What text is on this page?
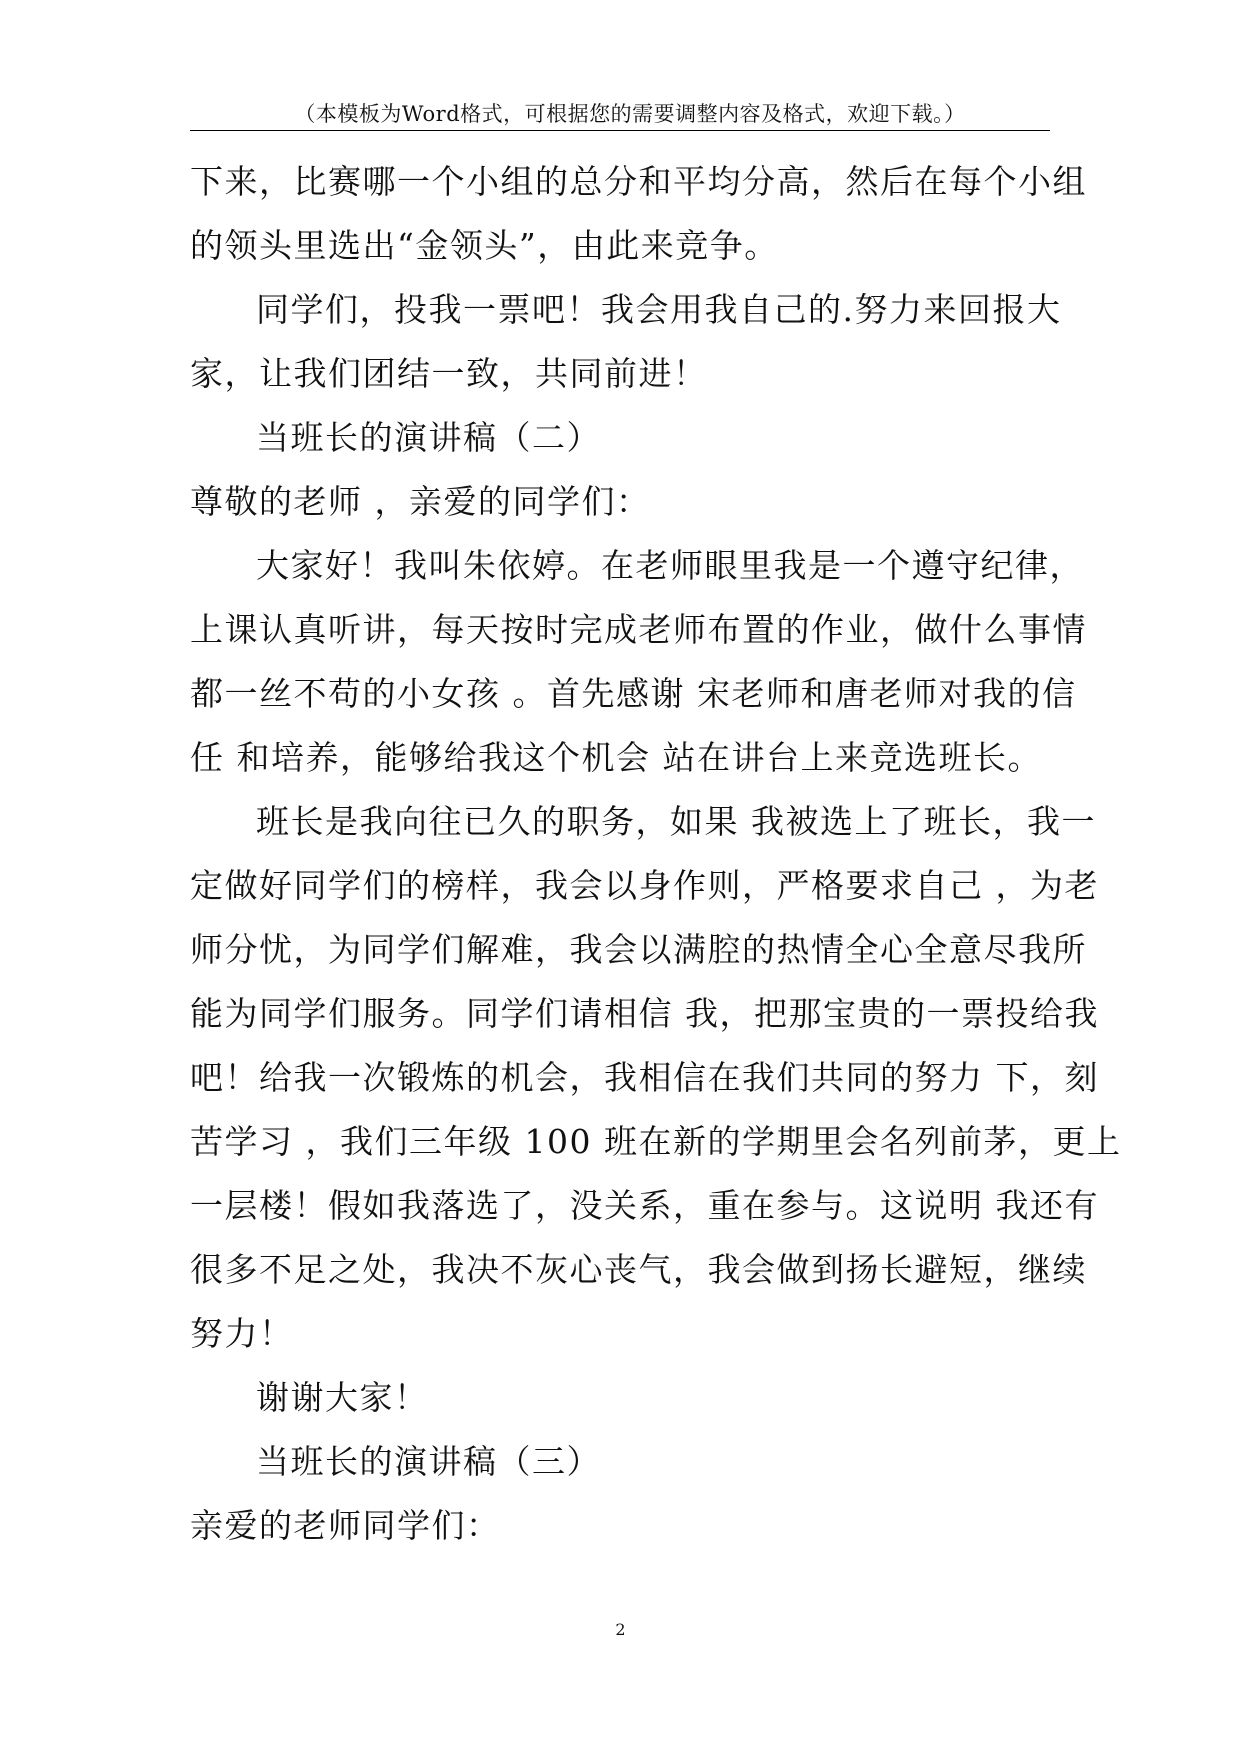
（本模板为Word格式，可根据您的需要调整内容及格式，欢迎下载。）
下来，比赛哪一个小组的总分和平均分高，然后在每个小组
的领头里选出“金领头”，由此来竞争。
同学们，投我一票吧！我会用我自己的.努力来回报大
家，让我们团结一致，共同前进！
当班长的演讲稿（二）
尊敬的老师 ，亲爱的同学们：
大家好！我叫朱依婷。在老师眼里我是一个遵守纪律，
上课认真听讲，每天按时完成老师布置的作业，做什么事情
都一丝不苟的小女孩 。首先感谢 宋老师和唐老师对我的信
任 和培养，能够给我这个机会 站在讲台上来竞选班长。
班长是我向往已久的职务，如果 我被选上了班长，我一
定做好同学们的榜样，我会以身作则，严格要求自己 ，为老
师分忧，为同学们解难，我会以满腔的热情全心全意尽我所
能为同学们服务。同学们请相信 我，把那宝贵的一票投给我
吧！给我一次锻炼的机会，我相信在我们共同的努力 下，刻
苦学习 ，我们三年级 100 班在新的学期里会名列前茅，更上
一层楼！假如我落选了，没关系，重在参与。这说明 我还有
很多不足之处，我决不灰心丧气，我会做到扬长避短，继续
努力！
谢谢大家！
当班长的演讲稿（三）
亲爱的老师同学们：
2
